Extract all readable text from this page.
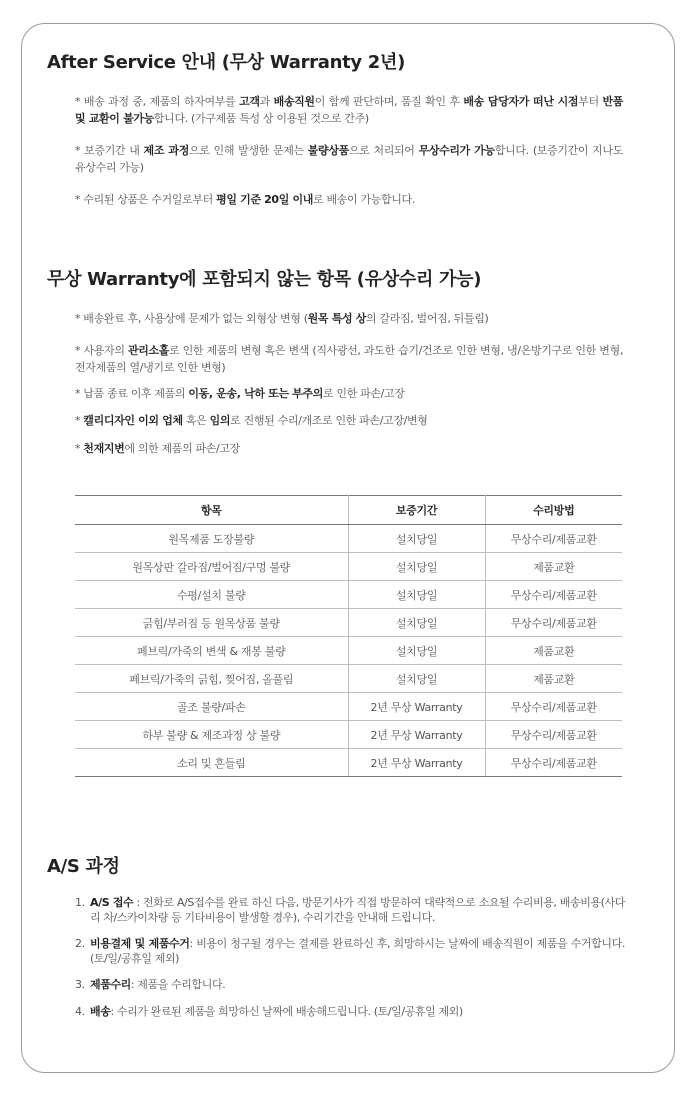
After Service 안내 (무상 Warranty 2년)

* 배송 과정 중, 제품의 하자여부를 고객과 배송직원이 함께 판단하며, 품질 확인 후 배송 담당자가 떠난 시점부터 반품 및 교환이 불가능합니다. (가구제품 특성 상 이용된 것으로 간주)

* 보증기간 내 제조 과정으로 인해 발생한 문제는 불량상품으로 처리되어 무상수리가 가능합니다. (보증기간이 지나도 유상수리 가능)

* 수리된 상품은 수거일로부터 평일 기준 20일 이내로 배송이 가능합니다.

무상 Warranty에 포함되지 않는 항목 (유상수리 가능)

* 배송완료 후, 사용상에 문제가 없는 외형상 변형 (원목 특성 상의 갈라짐, 벌어짐, 뒤틀림)

* 사용자의 관리소홀로 인한 제품의 변형 혹은 변색 (직사광선, 과도한 습기/건조로 인한 변형, 냉/온방기구로 인한 변형, 전자제품의 열/냉기로 인한 변형)

* 납품 종료 이후 제품의 이동, 운송, 낙하 또는 부주의로 인한 파손/고장

* 캘리디자인 이외 업체 혹은 임의로 진행된 수리/개조로 인한 파손/고장/변형

* 천재지변에 의한 제품의 파손/고장

항목	보증기간	수리방법
원목제품 도장불량	설치당일	무상수리/제품교환
원목상판 갈라짐/벌어짐/구멍 불량	설치당일	제품교환
수평/설치 불량	설치당일	무상수리/제품교환
긁힘/부러짐 등 원목상품 불량	설치당일	무상수리/제품교환
페브릭/가죽의 변색 & 재봉 불량	설치당일	제품교환
페브릭/가죽의 긁힘, 찢어짐, 올풀림	설치당일	제품교환
골조 불량/파손	2년 무상 Warranty	무상수리/제품교환
하부 불량 & 제조과정 상 불량	2년 무상 Warranty	무상수리/제품교환
소리 및 흔들림	2년 무상 Warranty	무상수리/제품교환
A/S 과정
1. A/S 접수 : 전화로 A/S접수를 완료 하신 다음, 방문기사가 직접 방문하여 대략적으로 소요될 수리비용, 배송비용(사다리 차/스카이차량 등 기타비용이 발생할 경우), 수리기간을 안내해 드립니다.
2. 비용결제 및 제품수거: 비용이 청구될 경우는 결제를 완료하신 후, 희망하시는 날짜에 배송직원이 제품을 수거합니다. (토/일/공휴일 제외)
3. 제품수리: 제품을 수리합니다.
4. 배송: 수리가 완료된 제품을 희망하신 날짜에 배송해드립니다. (토/일/공휴일 제외)
